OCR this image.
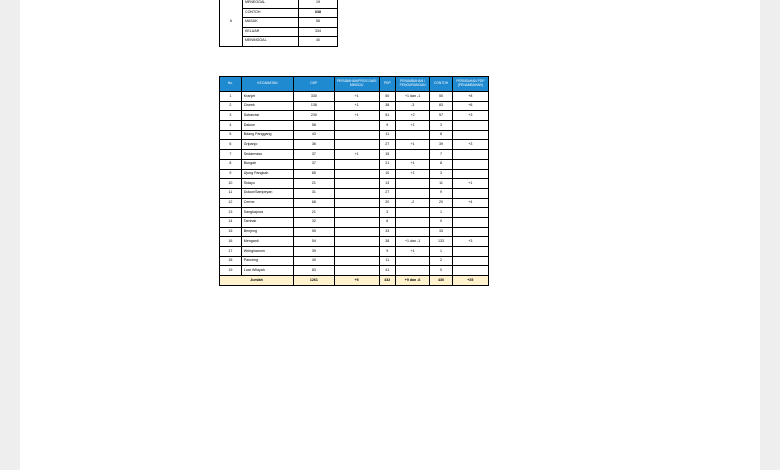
6	MENEGGAL	19
	CONTOH	638
	MASUK	56
	KELUAR	334
	MENINGGAL	40
No.	KECAMATAN	DDP	PERUBAHAN/PROS DARI MINGGU	PDP	PENAMBAHAN / PENGURANGAN	CONTOH	PERUBAHAN PDP (PENAMBAHAN)
1	Kranjet	330	+1	50	+1 dan -1	50	+8
2	Ciseek	138	+1	38	-3	83	+8
3	Sobarrasi	230	+1	51	+2	57	+3
4	Daluse	58		9	+1	3	
5	Bdang Panggang	43		11		8	
6	Gripanjo	36		27	+1	39	+3
7	Sedarmaso	37	+1	15		7	
8	Bungah	37		21	+1	8	
9	Ujung Pangkah	65		10	+1	3	
10	Sidayu	21		13		11	+1
11	Dukun/Sampeyan	31		27		9	
12	Cerme	68		20	-2	20	+4
13	Sangkapura	21		3		1	
14	Tambak	32		6		0	
15	Benjeng	55		33		33	
16	Menganti	54		38	+1 dan -1	133	+3
17	Wringinanom	39		9	+1	1	
18	Panceng	40		11		2	
19	Luar Wilayah	83		41		0	
Jumlah		1261	+5	432	+9 dan -6	430	+25
